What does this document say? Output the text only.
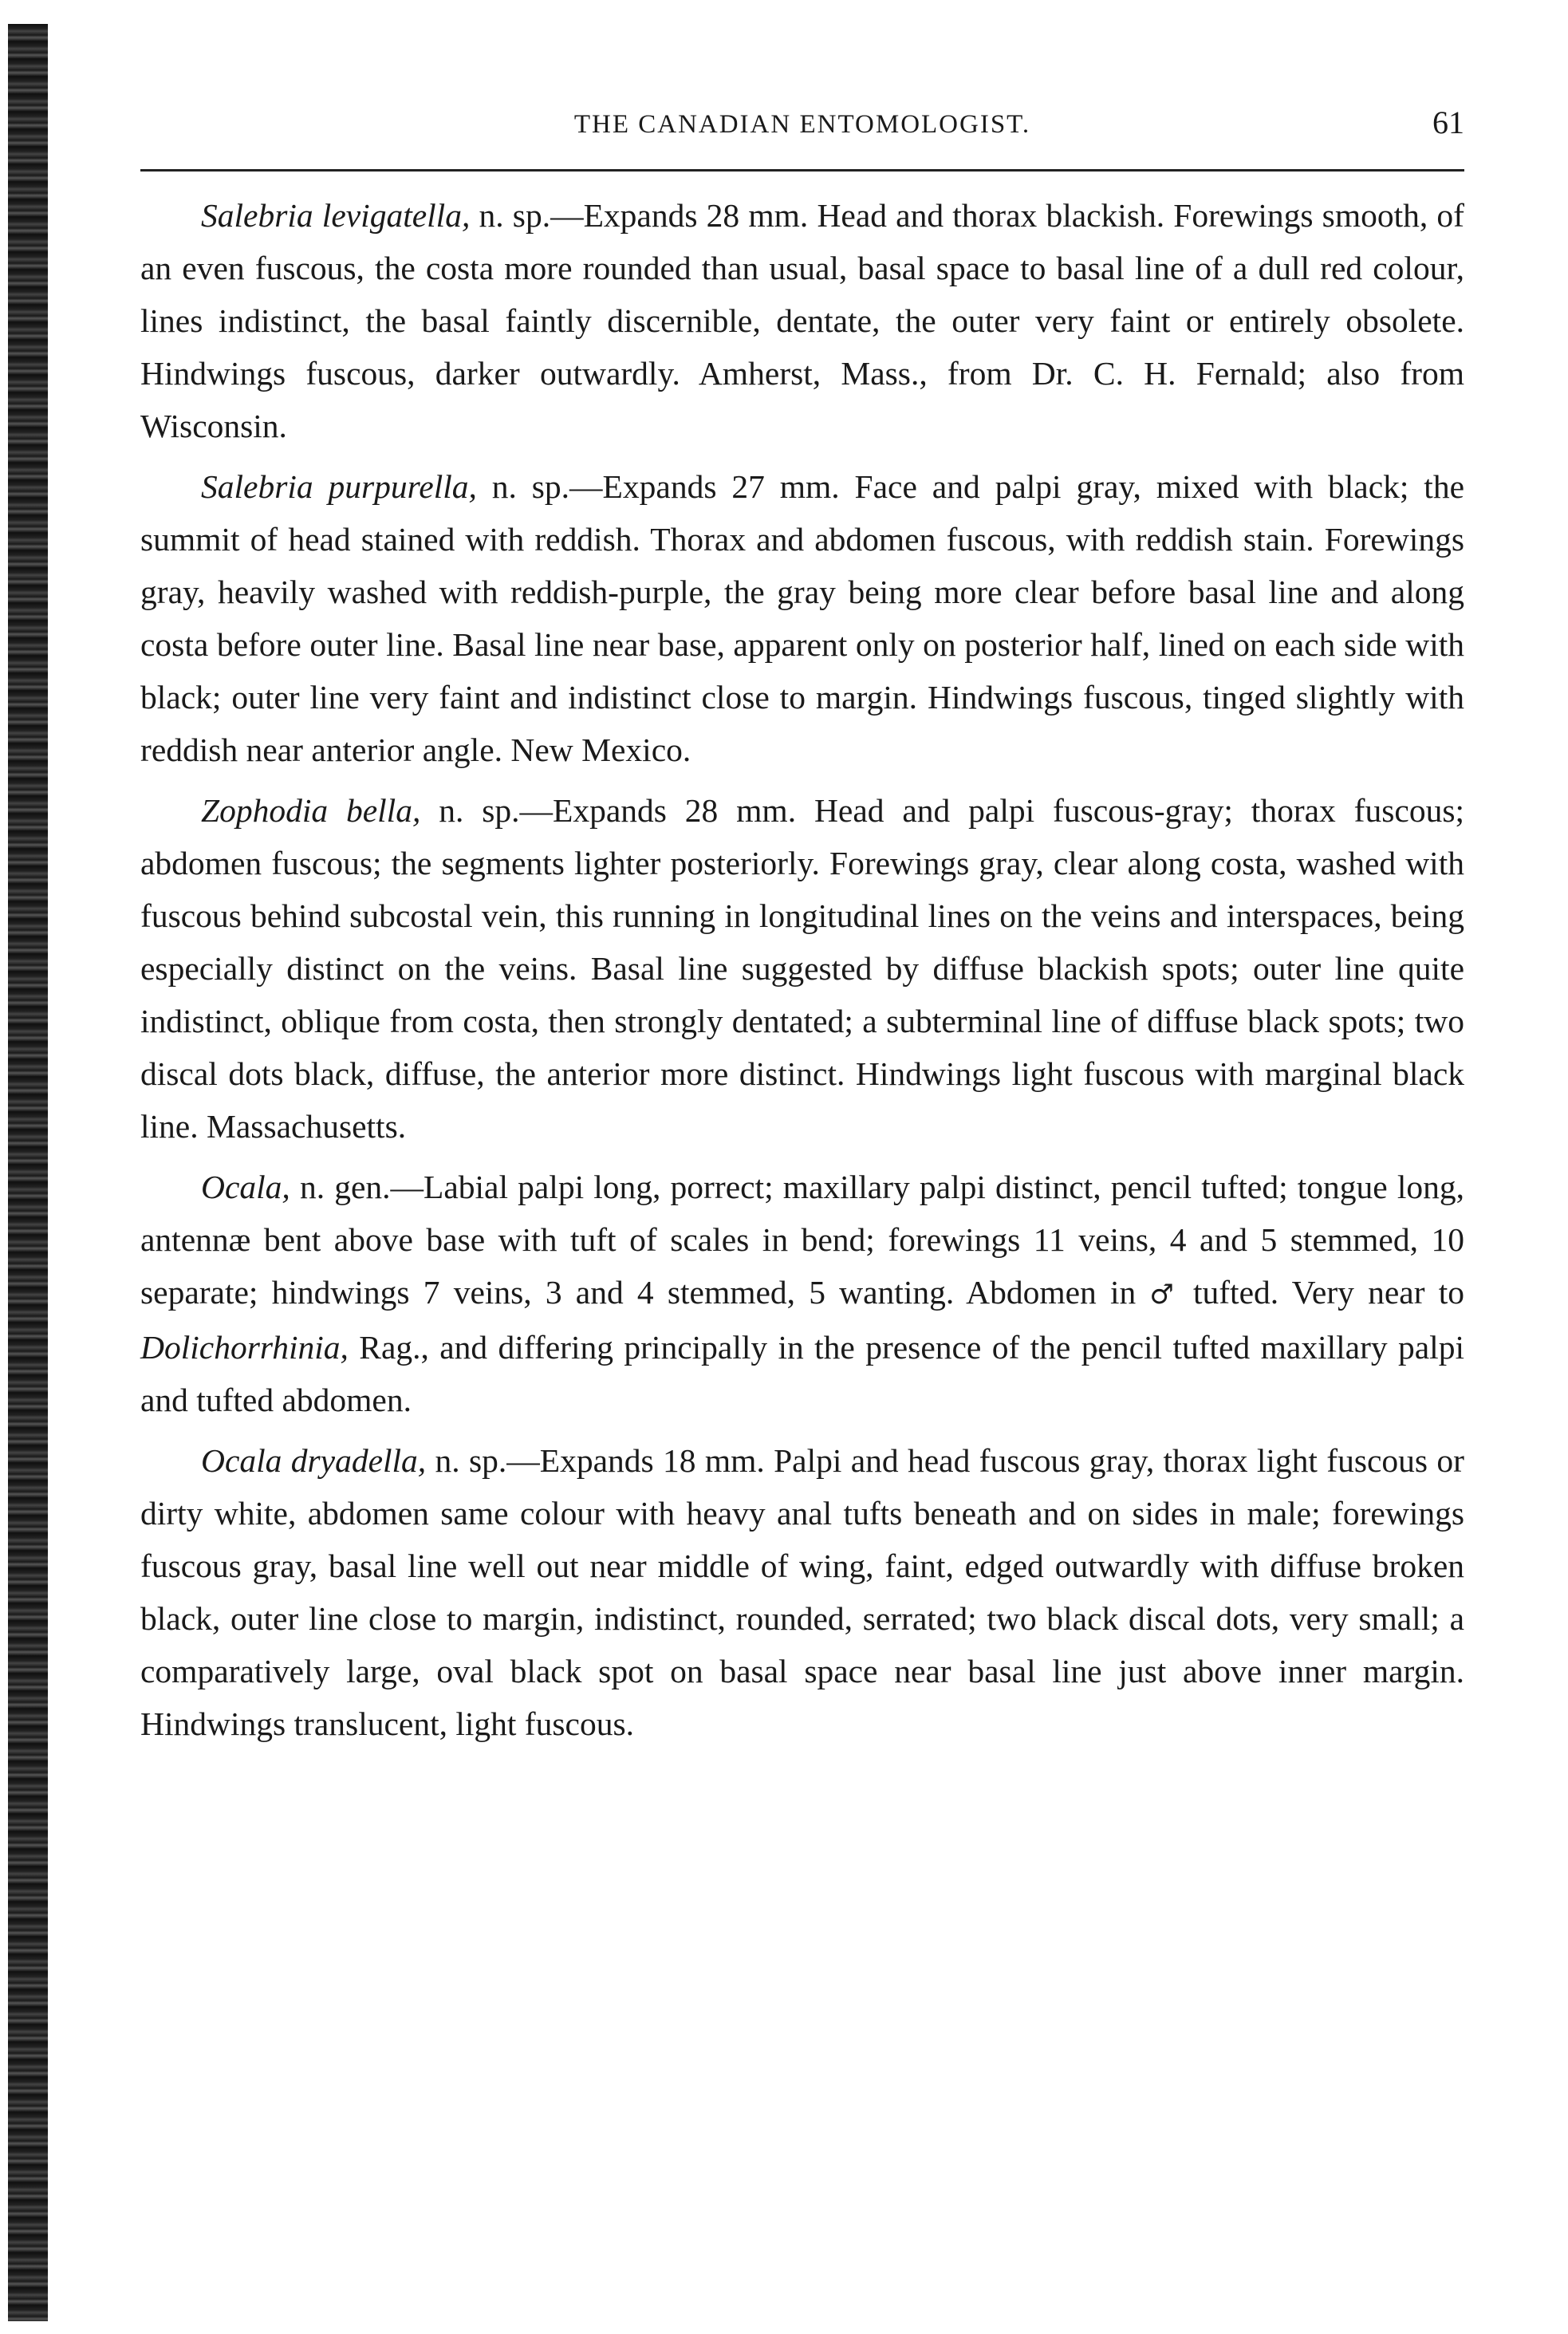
THE CANADIAN ENTOMOLOGIST.	61

Salebria levigatella, n. sp.—Expands 28 mm. Head and thorax blackish. Forewings smooth, of an even fuscous, the costa more rounded than usual, basal space to basal line of a dull red colour, lines indistinct, the basal faintly discernible, dentate, the outer very faint or entirely obsolete. Hindwings fuscous, darker outwardly. Amherst, Mass., from Dr. C. H. Fernald; also from Wisconsin.

Salebria purpurella, n. sp.—Expands 27 mm. Face and palpi gray, mixed with black; the summit of head stained with reddish. Thorax and abdomen fuscous, with reddish stain. Forewings gray, heavily washed with reddish-purple, the gray being more clear before basal line and along costa before outer line. Basal line near base, apparent only on posterior half, lined on each side with black; outer line very faint and indistinct close to margin. Hindwings fuscous, tinged slightly with reddish near anterior angle. New Mexico.

Zophodia bella, n. sp.—Expands 28 mm. Head and palpi fuscous-gray; thorax fuscous; abdomen fuscous; the segments lighter posteriorly. Forewings gray, clear along costa, washed with fuscous behind subcostal vein, this running in longitudinal lines on the veins and interspaces, being especially distinct on the veins. Basal line suggested by diffuse blackish spots; outer line quite indistinct, oblique from costa, then strongly dentated; a subterminal line of diffuse black spots; two discal dots black, diffuse, the anterior more distinct. Hindwings light fuscous with marginal black line. Massachusetts.

Ocala, n. gen.—Labial palpi long, porrect; maxillary palpi distinct, pencil tufted; tongue long, antennæ bent above base with tuft of scales in bend; forewings 11 veins, 4 and 5 stemmed, 10 separate; hindwings 7 veins, 3 and 4 stemmed, 5 wanting. Abdomen in ♂ tufted. Very near to Dolichorrhinia, Rag., and differing principally in the presence of the pencil tufted maxillary palpi and tufted abdomen.

Ocala dryadella, n. sp.—Expands 18 mm. Palpi and head fuscous gray, thorax light fuscous or dirty white, abdomen same colour with heavy anal tufts beneath and on sides in male; forewings fuscous gray, basal line well out near middle of wing, faint, edged outwardly with diffuse broken black, outer line close to margin, indistinct, rounded, serrated; two black discal dots, very small; a comparatively large, oval black spot on basal space near basal line just above inner margin. Hindwings translucent, light fuscous.
